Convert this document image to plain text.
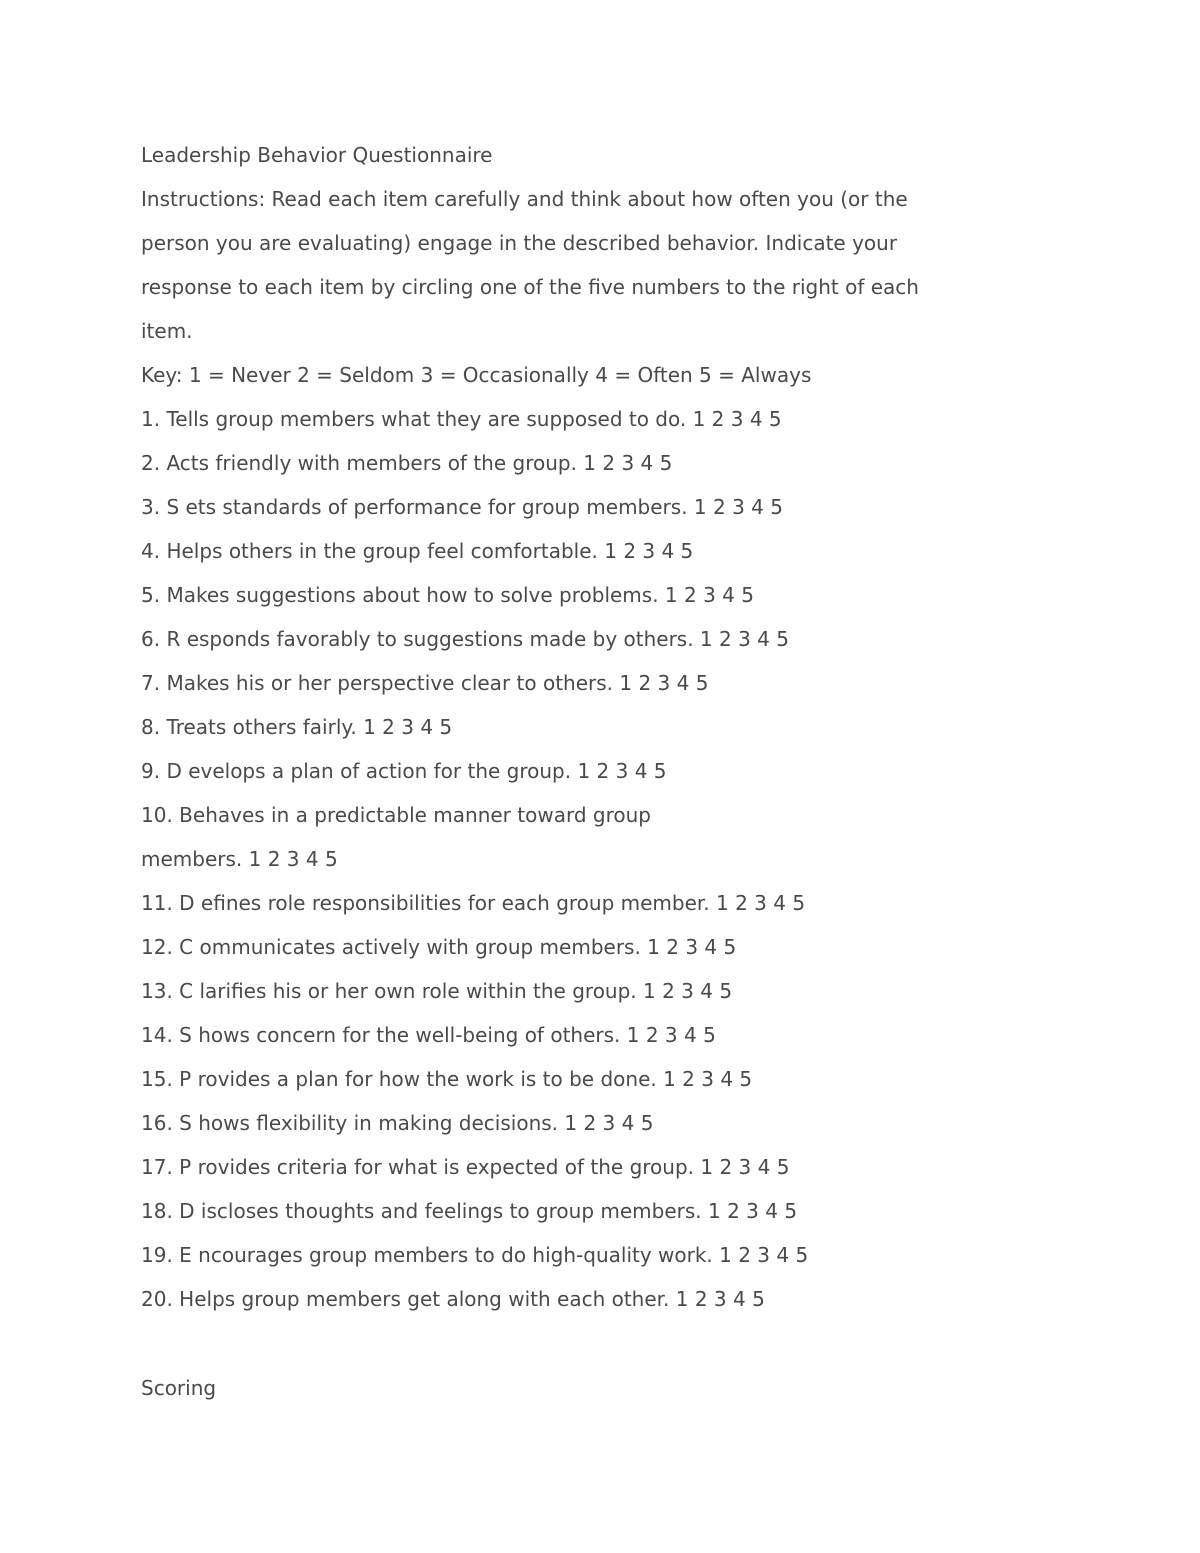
Leadership Behavior Questionnaire

Instructions: Read each item carefully and think about how often you (or the

person you are evaluating) engage in the described behavior. Indicate your

response to each item by circling one of the five numbers to the right of each

item.

Key: 1 = Never 2 = Seldom 3 = Occasionally 4 = Often 5 = Always

1. Tells group members what they are supposed to do. 1 2 3 4 5

2. Acts friendly with members of the group. 1 2 3 4 5

3. S ets standards of performance for group members. 1 2 3 4 5

4. Helps others in the group feel comfortable. 1 2 3 4 5

5. Makes suggestions about how to solve problems. 1 2 3 4 5

6. R esponds favorably to suggestions made by others. 1 2 3 4 5

7. Makes his or her perspective clear to others. 1 2 3 4 5

8. Treats others fairly. 1 2 3 4 5

9. D evelops a plan of action for the group. 1 2 3 4 5

10. Behaves in a predictable manner toward group

members. 1 2 3 4 5

11. D efines role responsibilities for each group member. 1 2 3 4 5

12. C ommunicates actively with group members. 1 2 3 4 5

13. C larifies his or her own role within the group. 1 2 3 4 5

14. S hows concern for the well-being of others. 1 2 3 4 5

15. P rovides a plan for how the work is to be done. 1 2 3 4 5

16. S hows flexibility in making decisions. 1 2 3 4 5

17. P rovides criteria for what is expected of the group. 1 2 3 4 5

18. D iscloses thoughts and feelings to group members. 1 2 3 4 5

19. E ncourages group members to do high-quality work. 1 2 3 4 5

20. Helps group members get along with each other. 1 2 3 4 5

Scoring
